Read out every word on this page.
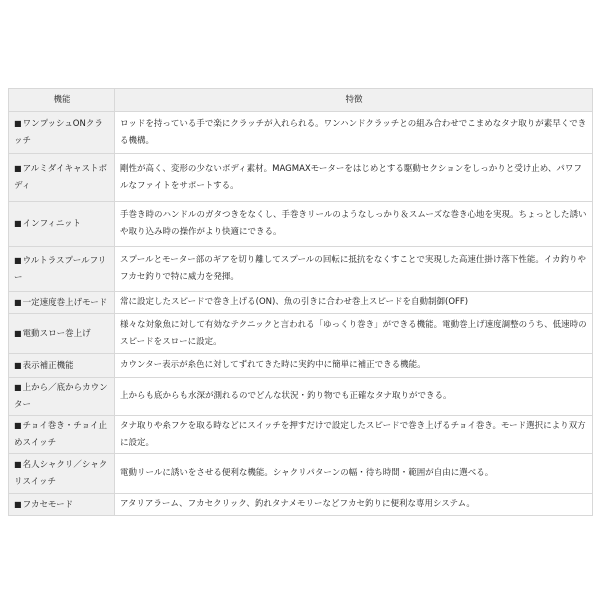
機能	特徴
■ワンプッシュONクラッチ	ロッドを持っている手で楽にクラッチが入れられる。ワンハンドクラッチとの組み合わせでこまめなタナ取りが素早くできる機構。
■アルミダイキャストボディ	剛性が高く、変形の少ないボディ素材。MAGMAXモーターをはじめとする駆動セクションをしっかりと受け止め、パワフルなファイトをサポートする。
■インフィニット	手巻き時のハンドルのガタつきをなくし、手巻きリールのようなしっかり＆スムーズな巻き心地を実現。ちょっとした誘いや取り込み時の操作がより快適にできる。
■ウルトラスプールフリー	スプールとモーター部のギアを切り離してスプールの回転に抵抗をなくすことで実現した高速仕掛け落下性能。イカ釣りやフカセ釣りで特に威力を発揮。
■一定速度巻上げモード	常に設定したスピードで巻き上げる(ON)、魚の引きに合わせ巻上スピードを自動制御(OFF)
■電動スロー巻上げ	様々な対象魚に対して有効なテクニックと言われる「ゆっくり巻き」ができる機能。電動巻上げ速度調整のうち、低速時のスピードをスローに設定。
■表示補正機能	カウンター表示が糸色に対してずれてきた時に実釣中に簡単に補正できる機能。
■上から／底からカウンター	上からも底からも水深が測れるのでどんな状況・釣り物でも正確なタナ取りができる。
■チョイ巻き・チョイ止めスイッチ	タナ取りや糸フケを取る時などにスイッチを押すだけで設定したスピードで巻き上げるチョイ巻き。モード選択により双方に設定。
■名人シャクリ／シャクリスイッチ	電動リールに誘いをさせる便利な機能。シャクリパターンの幅・待ち時間・範囲が自由に選べる。
■フカセモード	アタリアラーム、フカセクリック、釣れタナメモリーなどフカセ釣りに便利な専用システム。
